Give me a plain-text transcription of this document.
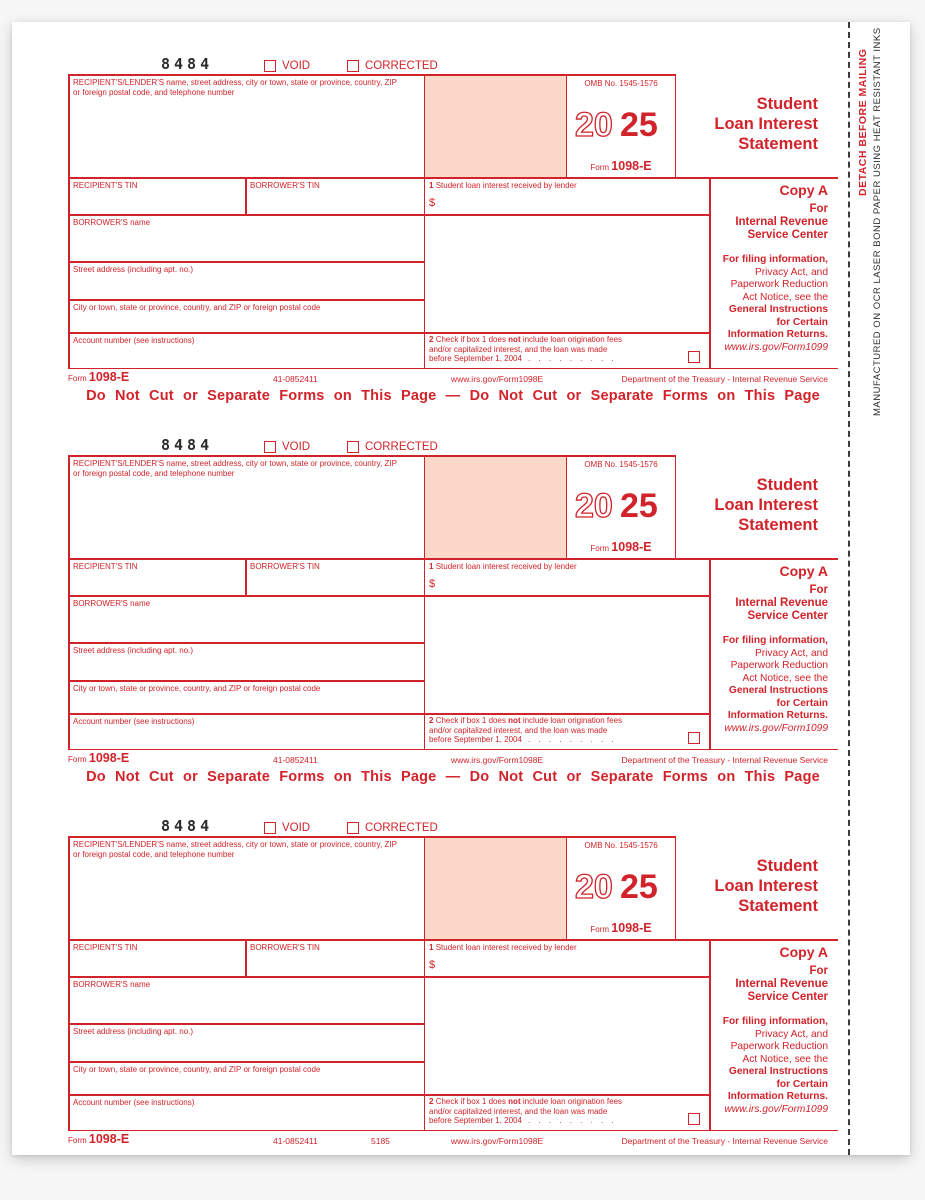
DETACH BEFORE MAILING MANUFACTURED ON OCR LASER BOND PAPER USING HEAT RESISTANT INKS
8484	VOID	CORRECTED
RECIPIENT'S/LENDER'S name, street address, city or town, state or province, country, ZIP or foreign postal code, and telephone number
OMB No. 1545-1576
20 25
Form 1098-E
Student
Loan Interest
Statement
RECIPIENT'S TIN	BORROWER'S TIN	1 Student loan interest received by lender
$
BORROWER'S name
Street address (including apt. no.)
City or town, state or province, country, and ZIP or foreign postal code
Account number (see instructions)	2 Check if box 1 does not include loan origination fees
and/or capitalized interest, and the loan was made
before September 1, 2004 . . . . . . . . .
Copy A
For
Internal Revenue
Service Center
For filing information,
Privacy Act, and
Paperwork Reduction
Act Notice, see the
General Instructions
for Certain
Information Returns.
www.irs.gov/Form1099
Form 1098-E	41-0852411	www.irs.gov/Form1098E	Department of the Treasury - Internal Revenue Service
Do Not Cut or Separate Forms on This Page — Do Not Cut or Separate Forms on This Page
8484	VOID	CORRECTED
RECIPIENT'S/LENDER'S name, street address, city or town, state or province, country, ZIP or foreign postal code, and telephone number
OMB No. 1545-1576
20 25
Form 1098-E
Student
Loan Interest
Statement
RECIPIENT'S TIN	BORROWER'S TIN	1 Student loan interest received by lender
$
BORROWER'S name
Street address (including apt. no.)
City or town, state or province, country, and ZIP or foreign postal code
Account number (see instructions)	2 Check if box 1 does not include loan origination fees
and/or capitalized interest, and the loan was made
before September 1, 2004 . . . . . . . . .
Copy A
For
Internal Revenue
Service Center
For filing information,
Privacy Act, and
Paperwork Reduction
Act Notice, see the
General Instructions
for Certain
Information Returns.
www.irs.gov/Form1099
Form 1098-E	41-0852411	www.irs.gov/Form1098E	Department of the Treasury - Internal Revenue Service
Do Not Cut or Separate Forms on This Page — Do Not Cut or Separate Forms on This Page
8484	VOID	CORRECTED
RECIPIENT'S/LENDER'S name, street address, city or town, state or province, country, ZIP or foreign postal code, and telephone number
OMB No. 1545-1576
20 25
Form 1098-E
Student
Loan Interest
Statement
RECIPIENT'S TIN	BORROWER'S TIN	1 Student loan interest received by lender
$
BORROWER'S name
Street address (including apt. no.)
City or town, state or province, country, and ZIP or foreign postal code
Account number (see instructions)	2 Check if box 1 does not include loan origination fees
and/or capitalized interest, and the loan was made
before September 1, 2004 . . . . . . . . .
Copy A
For
Internal Revenue
Service Center
For filing information,
Privacy Act, and
Paperwork Reduction
Act Notice, see the
General Instructions
for Certain
Information Returns.
www.irs.gov/Form1099
Form 1098-E	41-0852411	5185	www.irs.gov/Form1098E	Department of the Treasury - Internal Revenue Service
